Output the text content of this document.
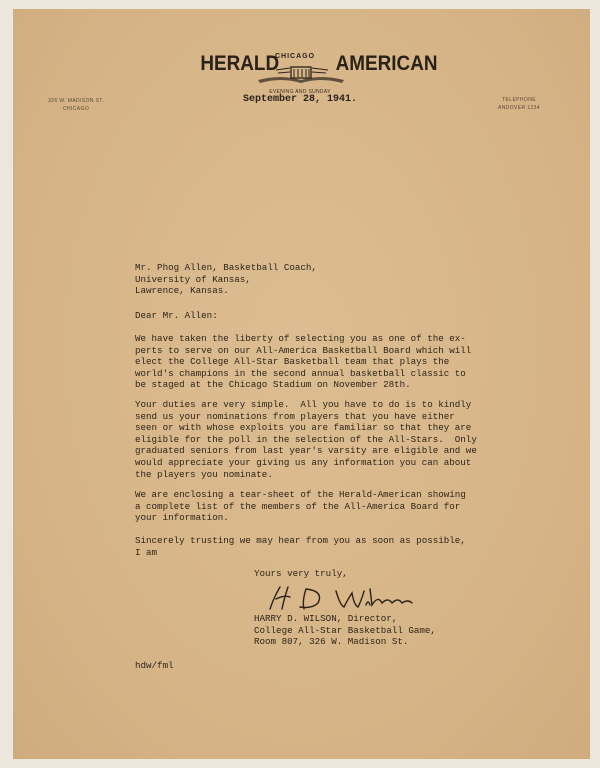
HERALD
CHICAGO AMERICAN
EVENING AND SUNDAY
326 W. MADISON ST.
CHICAGO
TELEPHONE
ANDOVER 1234
September 28, 1941.
Mr. Phog Allen, Basketball Coach,
University of Kansas,
Lawrence, Kansas.
Dear Mr. Allen:
We have taken the liberty of selecting you as one of the ex-
perts to serve on our All-America Basketball Board which will
elect the College All-Star Basketball team that plays the
world's champions in the second annual basketball classic to
be staged at the Chicago Stadium on November 28th.
Your duties are very simple.  All you have to do is to kindly
send us your nominations from players that you have either
seen or with whose exploits you are familiar so that they are
eligible for the poll in the selection of the All-Stars.  Only
graduated seniors from last year's varsity are eligible and we
would appreciate your giving us any information you can about
the players you nominate.
We are enclosing a tear-sheet of the Herald-American showing
a complete list of the members of the All-America Board for
your information.
Sincerely trusting we may hear from you as soon as possible,
I am
Yours very truly,
HARRY D. WILSON, Director,
College All-Star Basketball Game,
Room 807, 326 W. Madison St.
hdw/fml
